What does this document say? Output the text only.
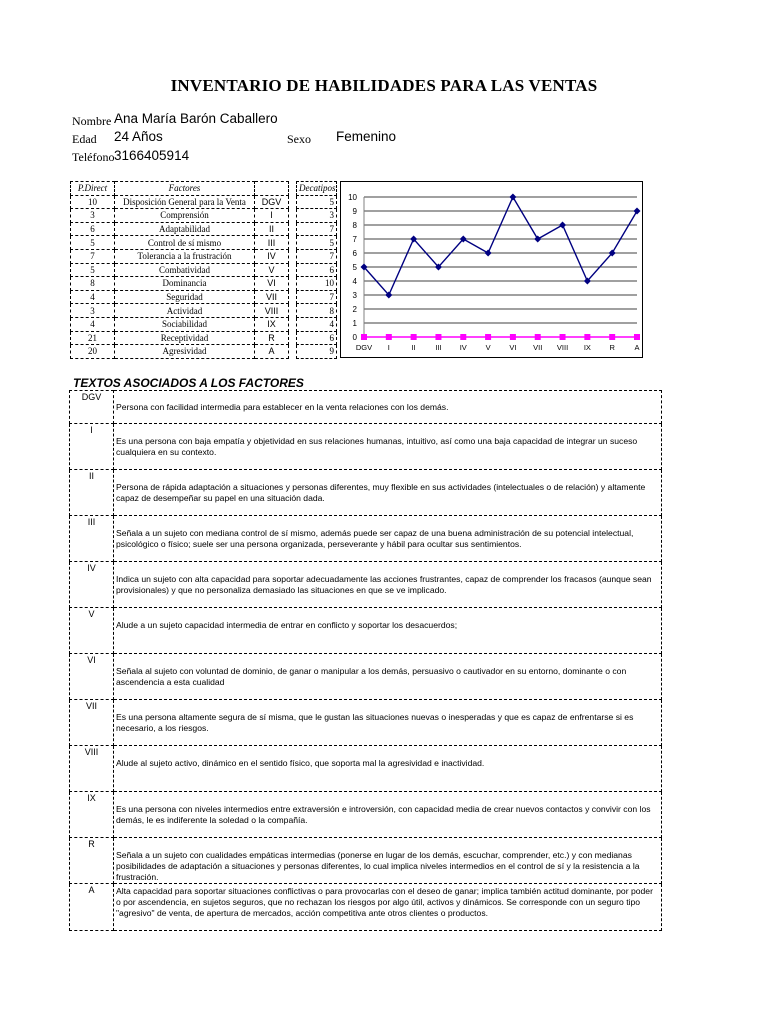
INVENTARIO DE HABILIDADES PARA LAS VENTAS
Nombre Ana María Barón Caballero
Edad 24 Años	Sexo Femenino
Teléfono 3166405914
P.Direct	Factores			Decatipos
10	Disposición General para la Venta	DGV		5
3	Comprensión	I		3
6	Adaptabilidad	II		7
5	Control de sí mismo	III		5
7	Tolerancia a la frustración	IV		7
5	Combatividad	V		6
8	Dominancia	VI		10
4	Seguridad	VII		7
3	Actividad	VIII		8
4	Sociabilidad	IX		4
21	Receptividad	R		6
20	Agresividad	A		9
0
1
2
3
4
5
6
7
8
9
10
DGV I	II	III IV	V	VI VII VIII IX R	A
TEXTOS ASOCIADOS A LOS FACTORES
DGV	Persona con facilidad intermedia para establecer en la venta relaciones con los demás.
I	Es una persona con baja empatía y objetividad en sus relaciones humanas, intuitivo, así como una baja capacidad de integrar un suceso cualquiera en su contexto.
II	Persona de rápida adaptación a situaciones y personas diferentes, muy flexible en sus actividades (intelectuales o de relación) y altamente capaz de desempeñar su papel en una situación dada.
III	Señala a un sujeto con mediana control de sí mismo, además puede ser capaz de una buena administración de su potencial intelectual, psicológico o físico; suele ser una persona organizada, perseverante y hábil para ocultar sus sentimientos.
IV	Indica un sujeto con alta capacidad para soportar adecuadamente las acciones frustrantes, capaz de comprender los fracasos (aunque sean provisionales) y que no personaliza demasiado las situaciones en que se ve implicado.
V	Alude a un sujeto capacidad intermedia de entrar en conflicto y soportar los desacuerdos;
VI	Señala al sujeto con voluntad de dominio, de ganar o manipular a los demás, persuasivo o cautivador en su entorno, dominante o con ascendencia a esta cualidad
VII	Es una persona altamente segura de sí misma, que le gustan las situaciones nuevas o inesperadas y que es capaz de enfrentarse si es necesario, a los riesgos.
VIII	Alude al sujeto activo, dinámico en el sentido físico, que soporta mal la agresividad e inactividad.
IX	Es una persona con niveles intermedios entre extraversión e introversión, con capacidad media de crear nuevos contactos y convivir con los demás, le es indiferente la soledad o la compañía.
R	Señala a un sujeto con cualidades empáticas intermedias (ponerse en lugar de los demás, escuchar, comprender, etc.) y con medianas posibilidades de adaptación a situaciones y personas diferentes, lo cual implica niveles intermedios en el control de sí y la resistencia a la frustración.
A	Alta capacidad para soportar situaciones conflictivas o para provocarlas con el deseo de ganar; implica también actitud dominante, por poder o por ascendencia, en sujetos seguros, que no rechazan los riesgos por algo útil, activos y dinámicos. Se corresponde con un seguro tipo "agresivo" de venta, de apertura de mercados, acción competitiva ante otros clientes o productos.
